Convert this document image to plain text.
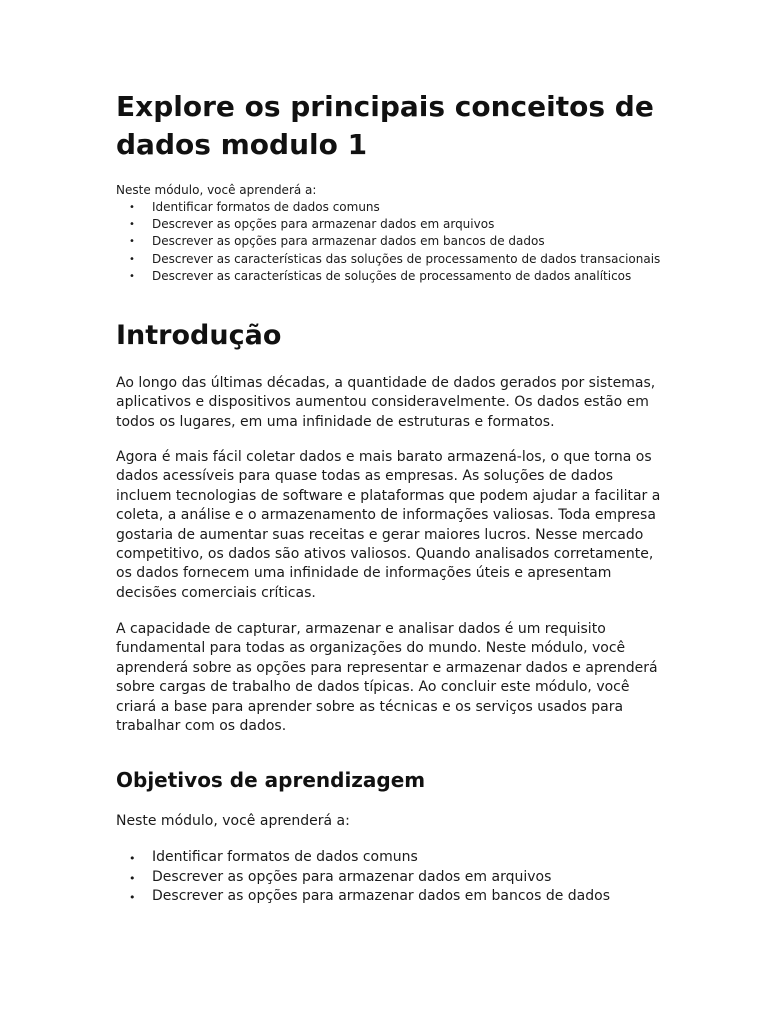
Explore os principais conceitos de dados modulo 1

Neste módulo, você aprenderá a:

• Identificar formatos de dados comuns
• Descrever as opções para armazenar dados em arquivos
• Descrever as opções para armazenar dados em bancos de dados
• Descrever as características das soluções de processamento de dados transacionais
• Descrever as características de soluções de processamento de dados analíticos
Introdução

Ao longo das últimas décadas, a quantidade de dados gerados por sistemas, aplicativos e dispositivos aumentou consideravelmente. Os dados estão em todos os lugares, em uma infinidade de estruturas e formatos.

Agora é mais fácil coletar dados e mais barato armazená-los, o que torna os dados acessíveis para quase todas as empresas. As soluções de dados incluem tecnologias de software e plataformas que podem ajudar a facilitar a coleta, a análise e o armazenamento de informações valiosas. Toda empresa gostaria de aumentar suas receitas e gerar maiores lucros. Nesse mercado competitivo, os dados são ativos valiosos. Quando analisados corretamente, os dados fornecem uma infinidade de informações úteis e apresentam decisões comerciais críticas.

A capacidade de capturar, armazenar e analisar dados é um requisito fundamental para todas as organizações do mundo. Neste módulo, você aprenderá sobre as opções para representar e armazenar dados e aprenderá sobre cargas de trabalho de dados típicas. Ao concluir este módulo, você criará a base para aprender sobre as técnicas e os serviços usados para trabalhar com os dados.

Objetivos de aprendizagem

Neste módulo, você aprenderá a:

• Identificar formatos de dados comuns
• Descrever as opções para armazenar dados em arquivos
• Descrever as opções para armazenar dados em bancos de dados
